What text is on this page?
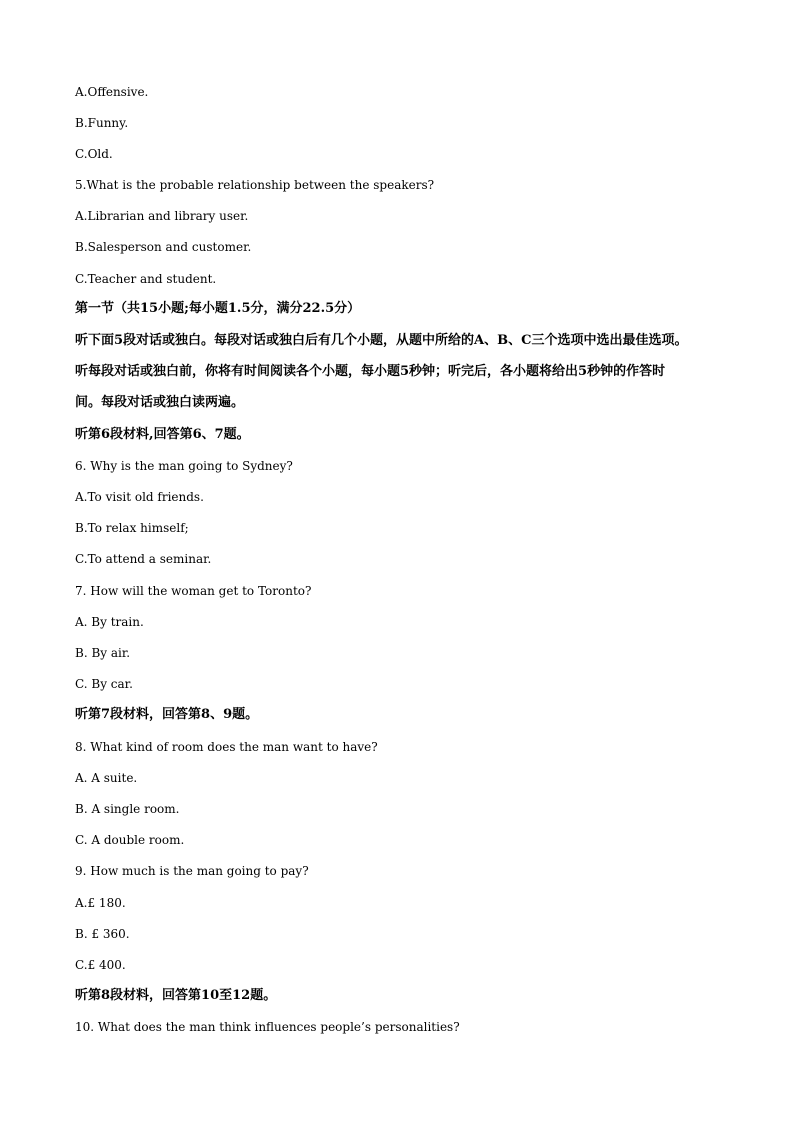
A.Offensive.
B.Funny.
C.Old.
5.What is the probable relationship between the speakers?
A.Librarian and library user.
B.Salesperson and customer.
C.Teacher and student.
第一节（共15小题;每小题1.5分，满分22.5分）
听下面5段对话或独白。每段对话或独白后有几个小题，从题中所给的A、B、C三个选项中选出最佳选项。
听每段对话或独白前，你将有时间阅读各个小题，每小题5秒钟；听完后，各小题将给出5秒钟的作答时
间。每段对话或独白读两遍。
听第6段材料,回答第6、7题。
6. Why is the man going to Sydney?
A.To visit old friends.
B.To relax himself;
C.To attend a seminar.
7. How will the woman get to Toronto?
A. By train.
B. By air.
C. By car.
听第7段材料，回答第8、9题。
8. What kind of room does the man want to have?
A. A suite.
B. A single room.
C. A double room.
9. How much is the man going to pay?
A.£ 180.
B. £ 360.
C.£ 400.
听第8段材料，回答第10至12题。
10. What does the man think influences people’s personalities?
